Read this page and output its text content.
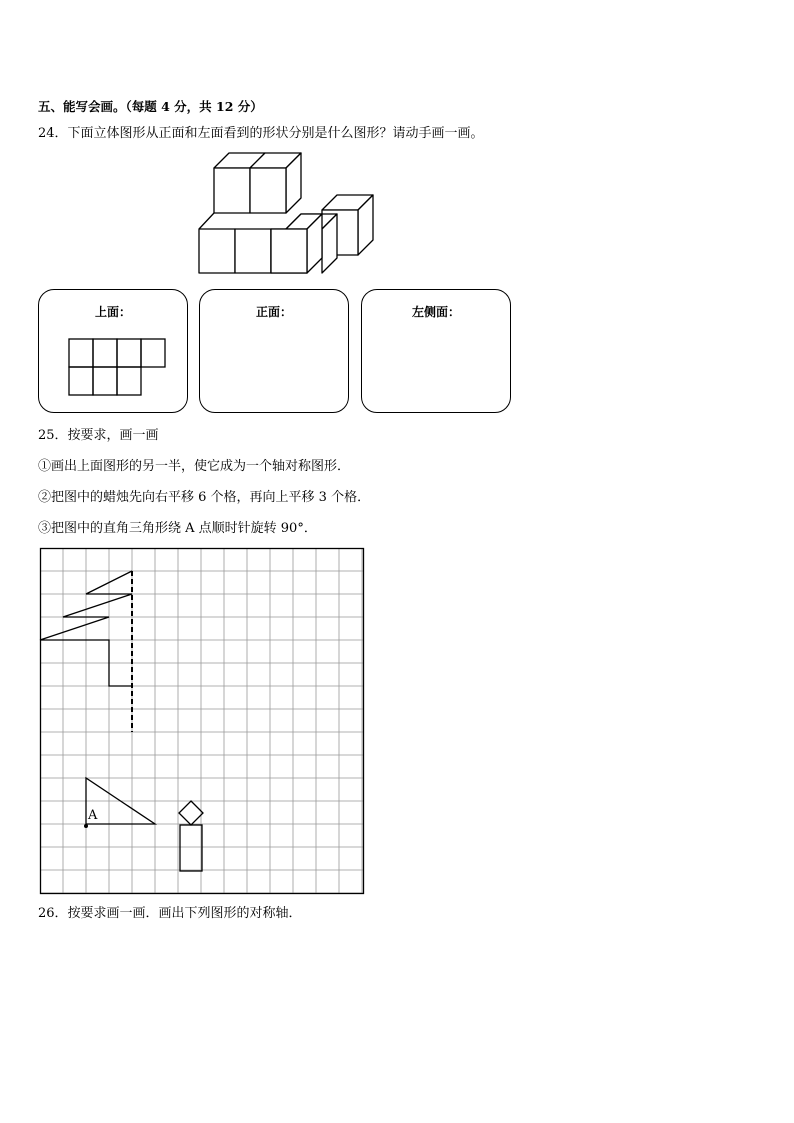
五、能写会画。（每题 4 分，共 12 分）
24．下面立体图形从正面和左面看到的形状分别是什么图形？请动手画一画。
上面：	正面：	左侧面：
25．按要求，画一画
①画出上面图形的另一半，使它成为一个轴对称图形．
②把图中的蜡烛先向右平移 6 个格，再向上平移 3 个格．
③把图中的直角三角形绕 A 点顺时针旋转 90°．
A
26．按要求画一画．画出下列图形的对称轴．
